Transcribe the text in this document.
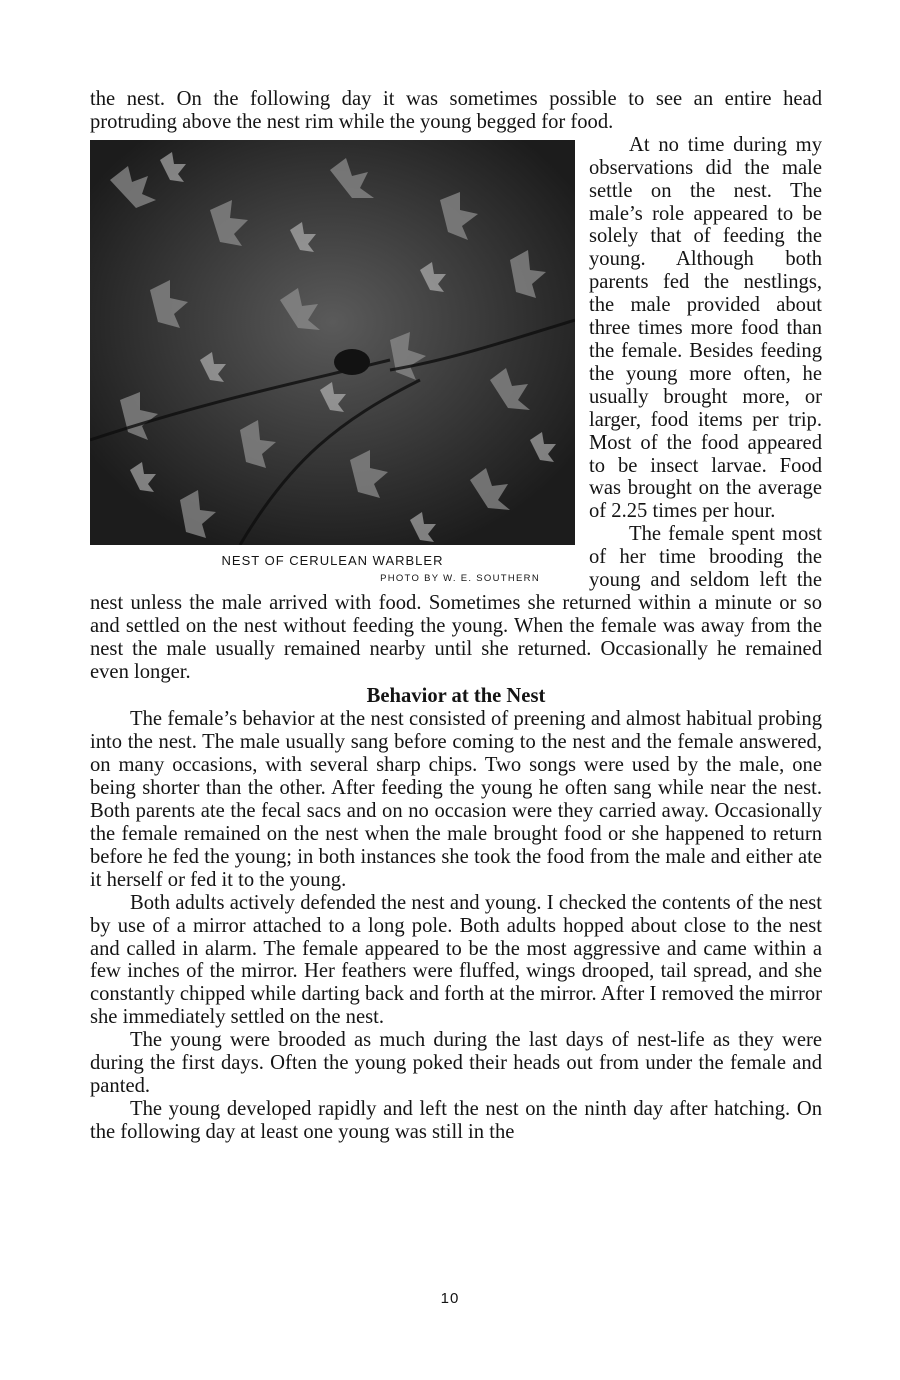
the nest. On the following day it was sometimes possible to see an entire head protruding above the nest rim while the young begged for food.

NEST OF CERULEAN WARBLER
PHOTO BY W. E. SOUTHERN

At no time during my observations did the male settle on the nest. The male’s role appeared to be solely that of feeding the young. Although both parents fed the nestlings, the male provided about three times more food than the female. Besides feeding the young more often, he usually brought more, or larger, food items per trip. Most of the food appeared to be insect larvae. Food was brought on the average of 2.25 times per hour.

The female spent most of her time brooding the young and seldom left the nest unless the male arrived with food. Sometimes she returned within a minute or so and settled on the nest without feeding the young. When the female was away from the nest the male usually remained nearby until she returned. Occasionally he remained even longer.

Behavior at the Nest

The female’s behavior at the nest consisted of preening and almost habitual probing into the nest. The male usually sang before coming to the nest and the female answered, on many occasions, with several sharp chips. Two songs were used by the male, one being shorter than the other. After feeding the young he often sang while near the nest. Both parents ate the fecal sacs and on no occasion were they carried away. Occasionally the female remained on the nest when the male brought food or she happened to return before he fed the young; in both instances she took the food from the male and either ate it herself or fed it to the young.

Both adults actively defended the nest and young. I checked the contents of the nest by use of a mirror attached to a long pole. Both adults hopped about close to the nest and called in alarm. The female appeared to be the most aggressive and came within a few inches of the mirror. Her feathers were fluffed, wings drooped, tail spread, and she constantly chipped while darting back and forth at the mirror. After I removed the mirror she immediately settled on the nest.

The young were brooded as much during the last days of nest-life as they were during the first days. Often the young poked their heads out from under the female and panted.

The young developed rapidly and left the nest on the ninth day after hatching. On the following day at least one young was still in the

10
